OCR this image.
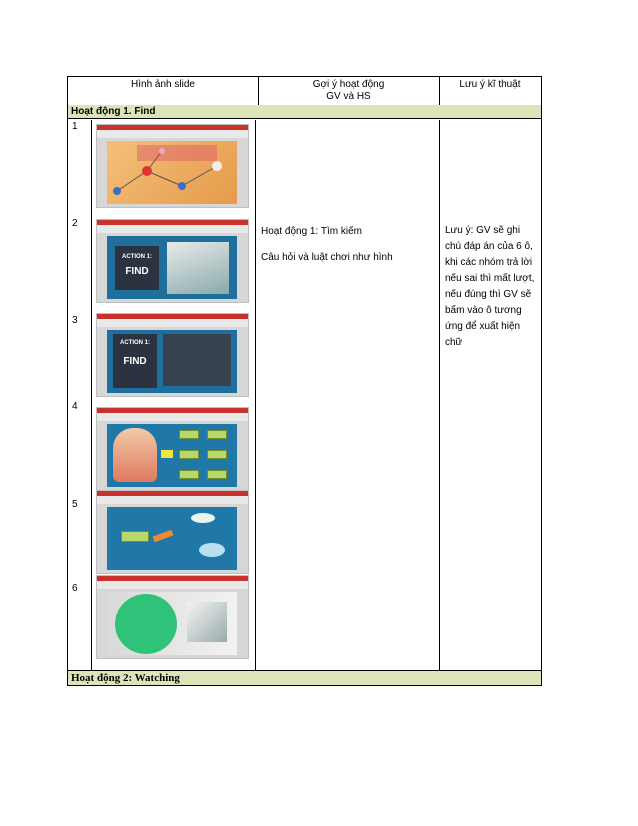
Hình ảnh slide	Gợi ý hoạt động
GV và HS
Lưu ý kĩ thuật
Hoạt động 1. Find
1
2
3
4
5
6
ACTION 1:
FIND
ACTION 1:
FIND
Hoạt động 1: Tìm kiếm
Câu hỏi và luật chơi như hình
Lưu ý: GV sẽ ghi chú đáp án của 6 ô, khi các nhóm trả lời nếu sai thì mất lượt, nếu đúng thì GV sẽ bấm vào ô tương ứng để xuất hiện chữ
Hoạt động 2: Watching
